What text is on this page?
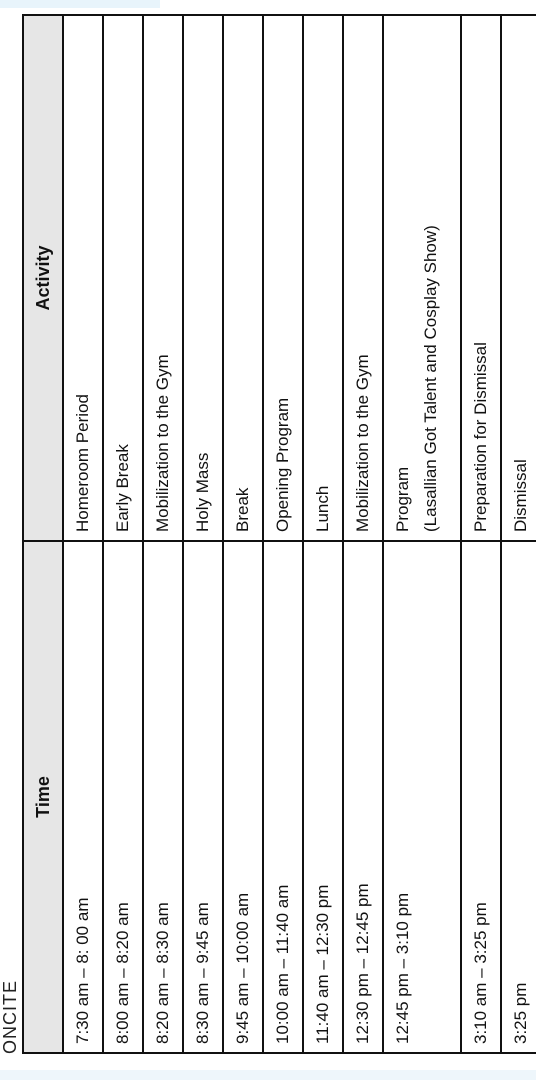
ONCITE
Time	Activity
7:30 am – 8: 00 am	Homeroom Period
8:00 am – 8:20 am	Early Break
8:20 am – 8:30 am	Mobilization to the Gym
8:30 am – 9:45 am	Holy Mass
9:45 am – 10:00 am	Break
10:00 am – 11:40 am	Opening Program
11:40 am – 12:30 pm	Lunch
12:30 pm – 12:45 pm	Mobilization to the Gym
12:45 pm – 3:10 pm	Program (Lasallian Got Talent and Cosplay Show)

3:10 am – 3:25 pm	Preparation for Dismissal
3:25 pm	Dismissal
